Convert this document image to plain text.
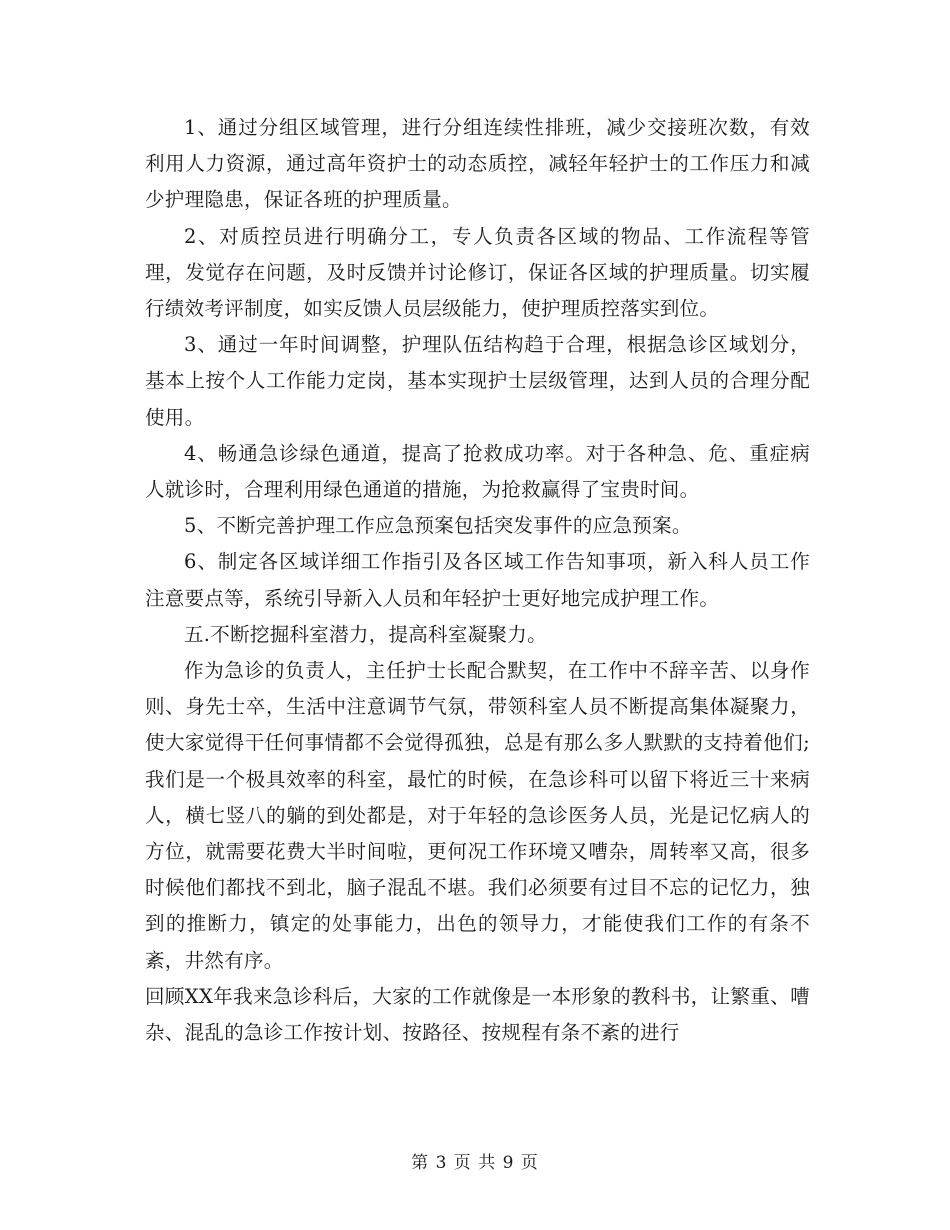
1、通过分组区域管理，进行分组连续性排班，减少交接班次数，有效利用人力资源，通过高年资护士的动态质控，减轻年轻护士的工作压力和减少护理隐患，保证各班的护理质量。

2、对质控员进行明确分工，专人负责各区域的物品、工作流程等管理，发觉存在问题，及时反馈并讨论修订，保证各区域的护理质量。切实履行绩效考评制度，如实反馈人员层级能力，使护理质控落实到位。

3、通过一年时间调整，护理队伍结构趋于合理，根据急诊区域划分，基本上按个人工作能力定岗，基本实现护士层级管理，达到人员的合理分配使用。

4、畅通急诊绿色通道，提高了抢救成功率。对于各种急、危、重症病人就诊时，合理利用绿色通道的措施，为抢救赢得了宝贵时间。

5、不断完善护理工作应急预案包括突发事件的应急预案。

6、制定各区域详细工作指引及各区域工作告知事项，新入科人员工作注意要点等，系统引导新入人员和年轻护士更好地完成护理工作。

五.不断挖掘科室潜力，提高科室凝聚力。

作为急诊的负责人，主任护士长配合默契，在工作中不辞辛苦、以身作则、身先士卒，生活中注意调节气氛，带领科室人员不断提高集体凝聚力，使大家觉得干任何事情都不会觉得孤独，总是有那么多人默默的支持着他们;我们是一个极具效率的科室，最忙的时候，在急诊科可以留下将近三十来病人，横七竖八的躺的到处都是，对于年轻的急诊医务人员，光是记忆病人的方位，就需要花费大半时间啦，更何况工作环境又嘈杂，周转率又高，很多时候他们都找不到北，脑子混乱不堪。我们必须要有过目不忘的记忆力，独到的推断力，镇定的处事能力，出色的领导力，才能使我们工作的有条不紊，井然有序。

回顾XX年我来急诊科后，大家的工作就像是一本形象的教科书，让繁重、嘈杂、混乱的急诊工作按计划、按路径、按规程有条不紊的进行

第 3 页 共 9 页
